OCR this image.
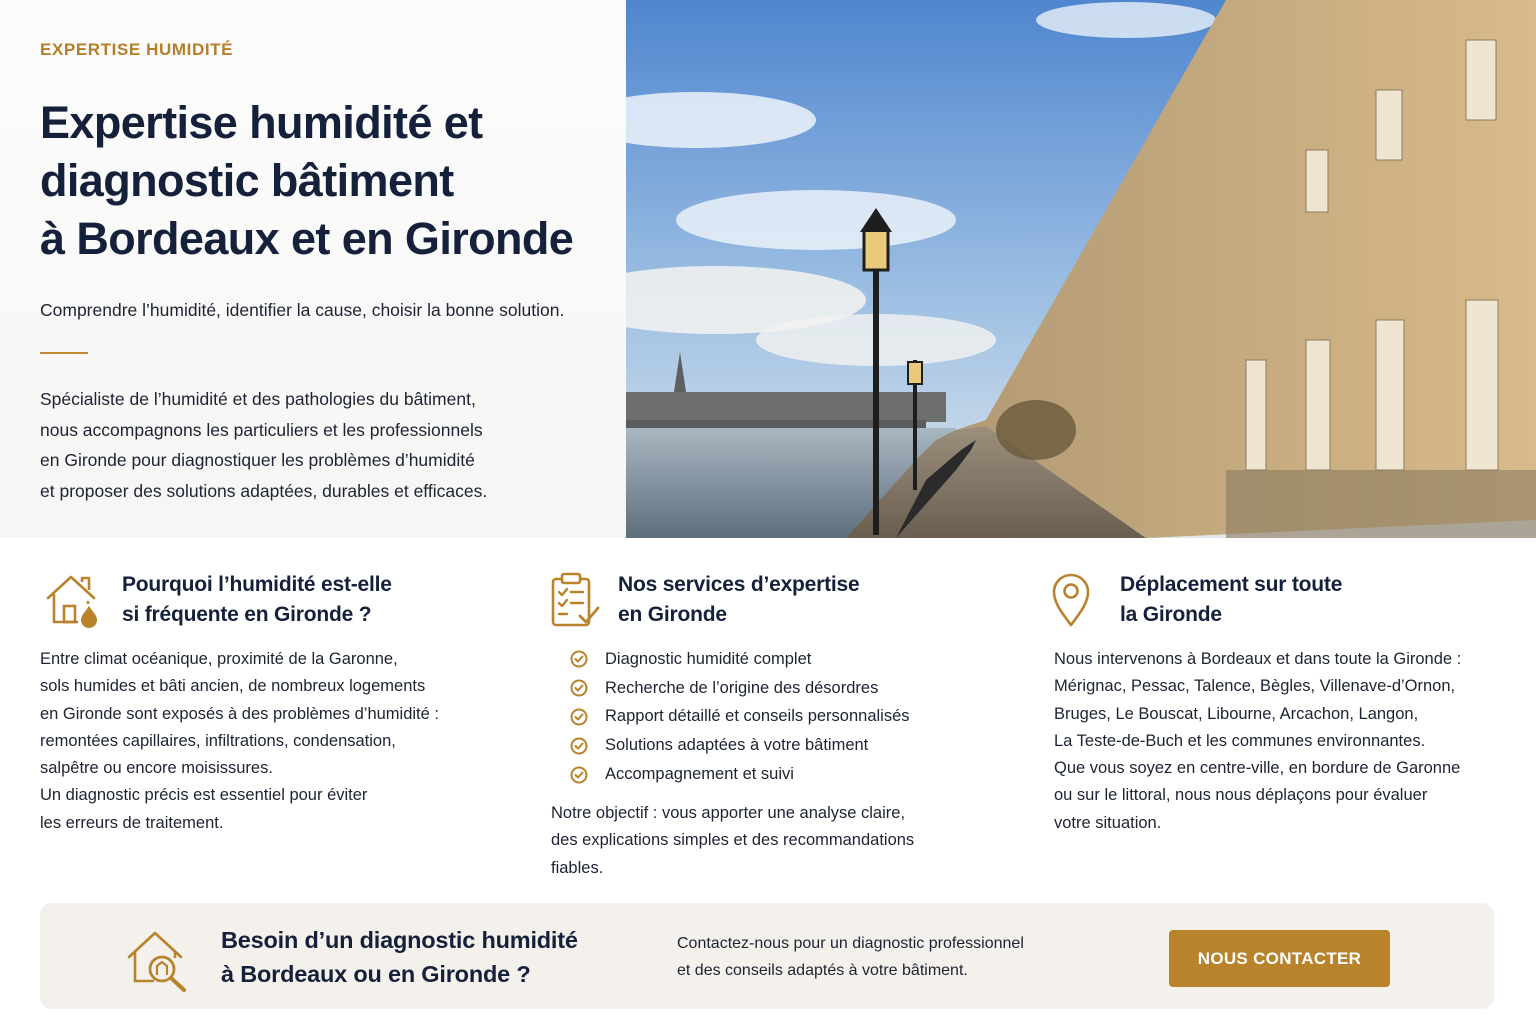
EXPERTISE HUMIDITÉ
Expertise humidité et
diagnostic bâtiment
à Bordeaux et en Gironde

Comprendre l’humidité, identifier la cause, choisir la bonne solution.

Spécialiste de l’humidité et des pathologies du bâtiment,
nous accompagnons les particuliers et les professionnels
en Gironde pour diagnostiquer les problèmes d’humidité
et proposer des solutions adaptées, durables et efficaces.

Pourquoi l’humidité est-elle
si fréquente en Gironde ?

Entre climat océanique, proximité de la Garonne,
sols humides et bâti ancien, de nombreux logements
en Gironde sont exposés à des problèmes d’humidité :
remontées capillaires, infiltrations, condensation,
salpêtre ou encore moisissures.
Un diagnostic précis est essentiel pour éviter
les erreurs de traitement.

Nos services d’expertise
en Gironde
Diagnostic humidité complet
Recherche de l’origine des désordres
Rapport détaillé et conseils personnalisés
Solutions adaptées à votre bâtiment
Accompagnement et suivi

Notre objectif : vous apporter une analyse claire,
des explications simples et des recommandations
fiables.

Déplacement sur toute
la Gironde

Nous intervenons à Bordeaux et dans toute la Gironde :
Mérignac, Pessac, Talence, Bègles, Villenave-d’Ornon,
Bruges, Le Bouscat, Libourne, Arcachon, Langon,
La Teste-de-Buch et les communes environnantes.
Que vous soyez en centre-ville, en bordure de Garonne
ou sur le littoral, nous nous déplaçons pour évaluer
votre situation.

Besoin d’un diagnostic humidité
à Bordeaux ou en Gironde ?

Contactez-nous pour un diagnostic professionnel
et des conseils adaptés à votre bâtiment.

NOUS CONTACTER
